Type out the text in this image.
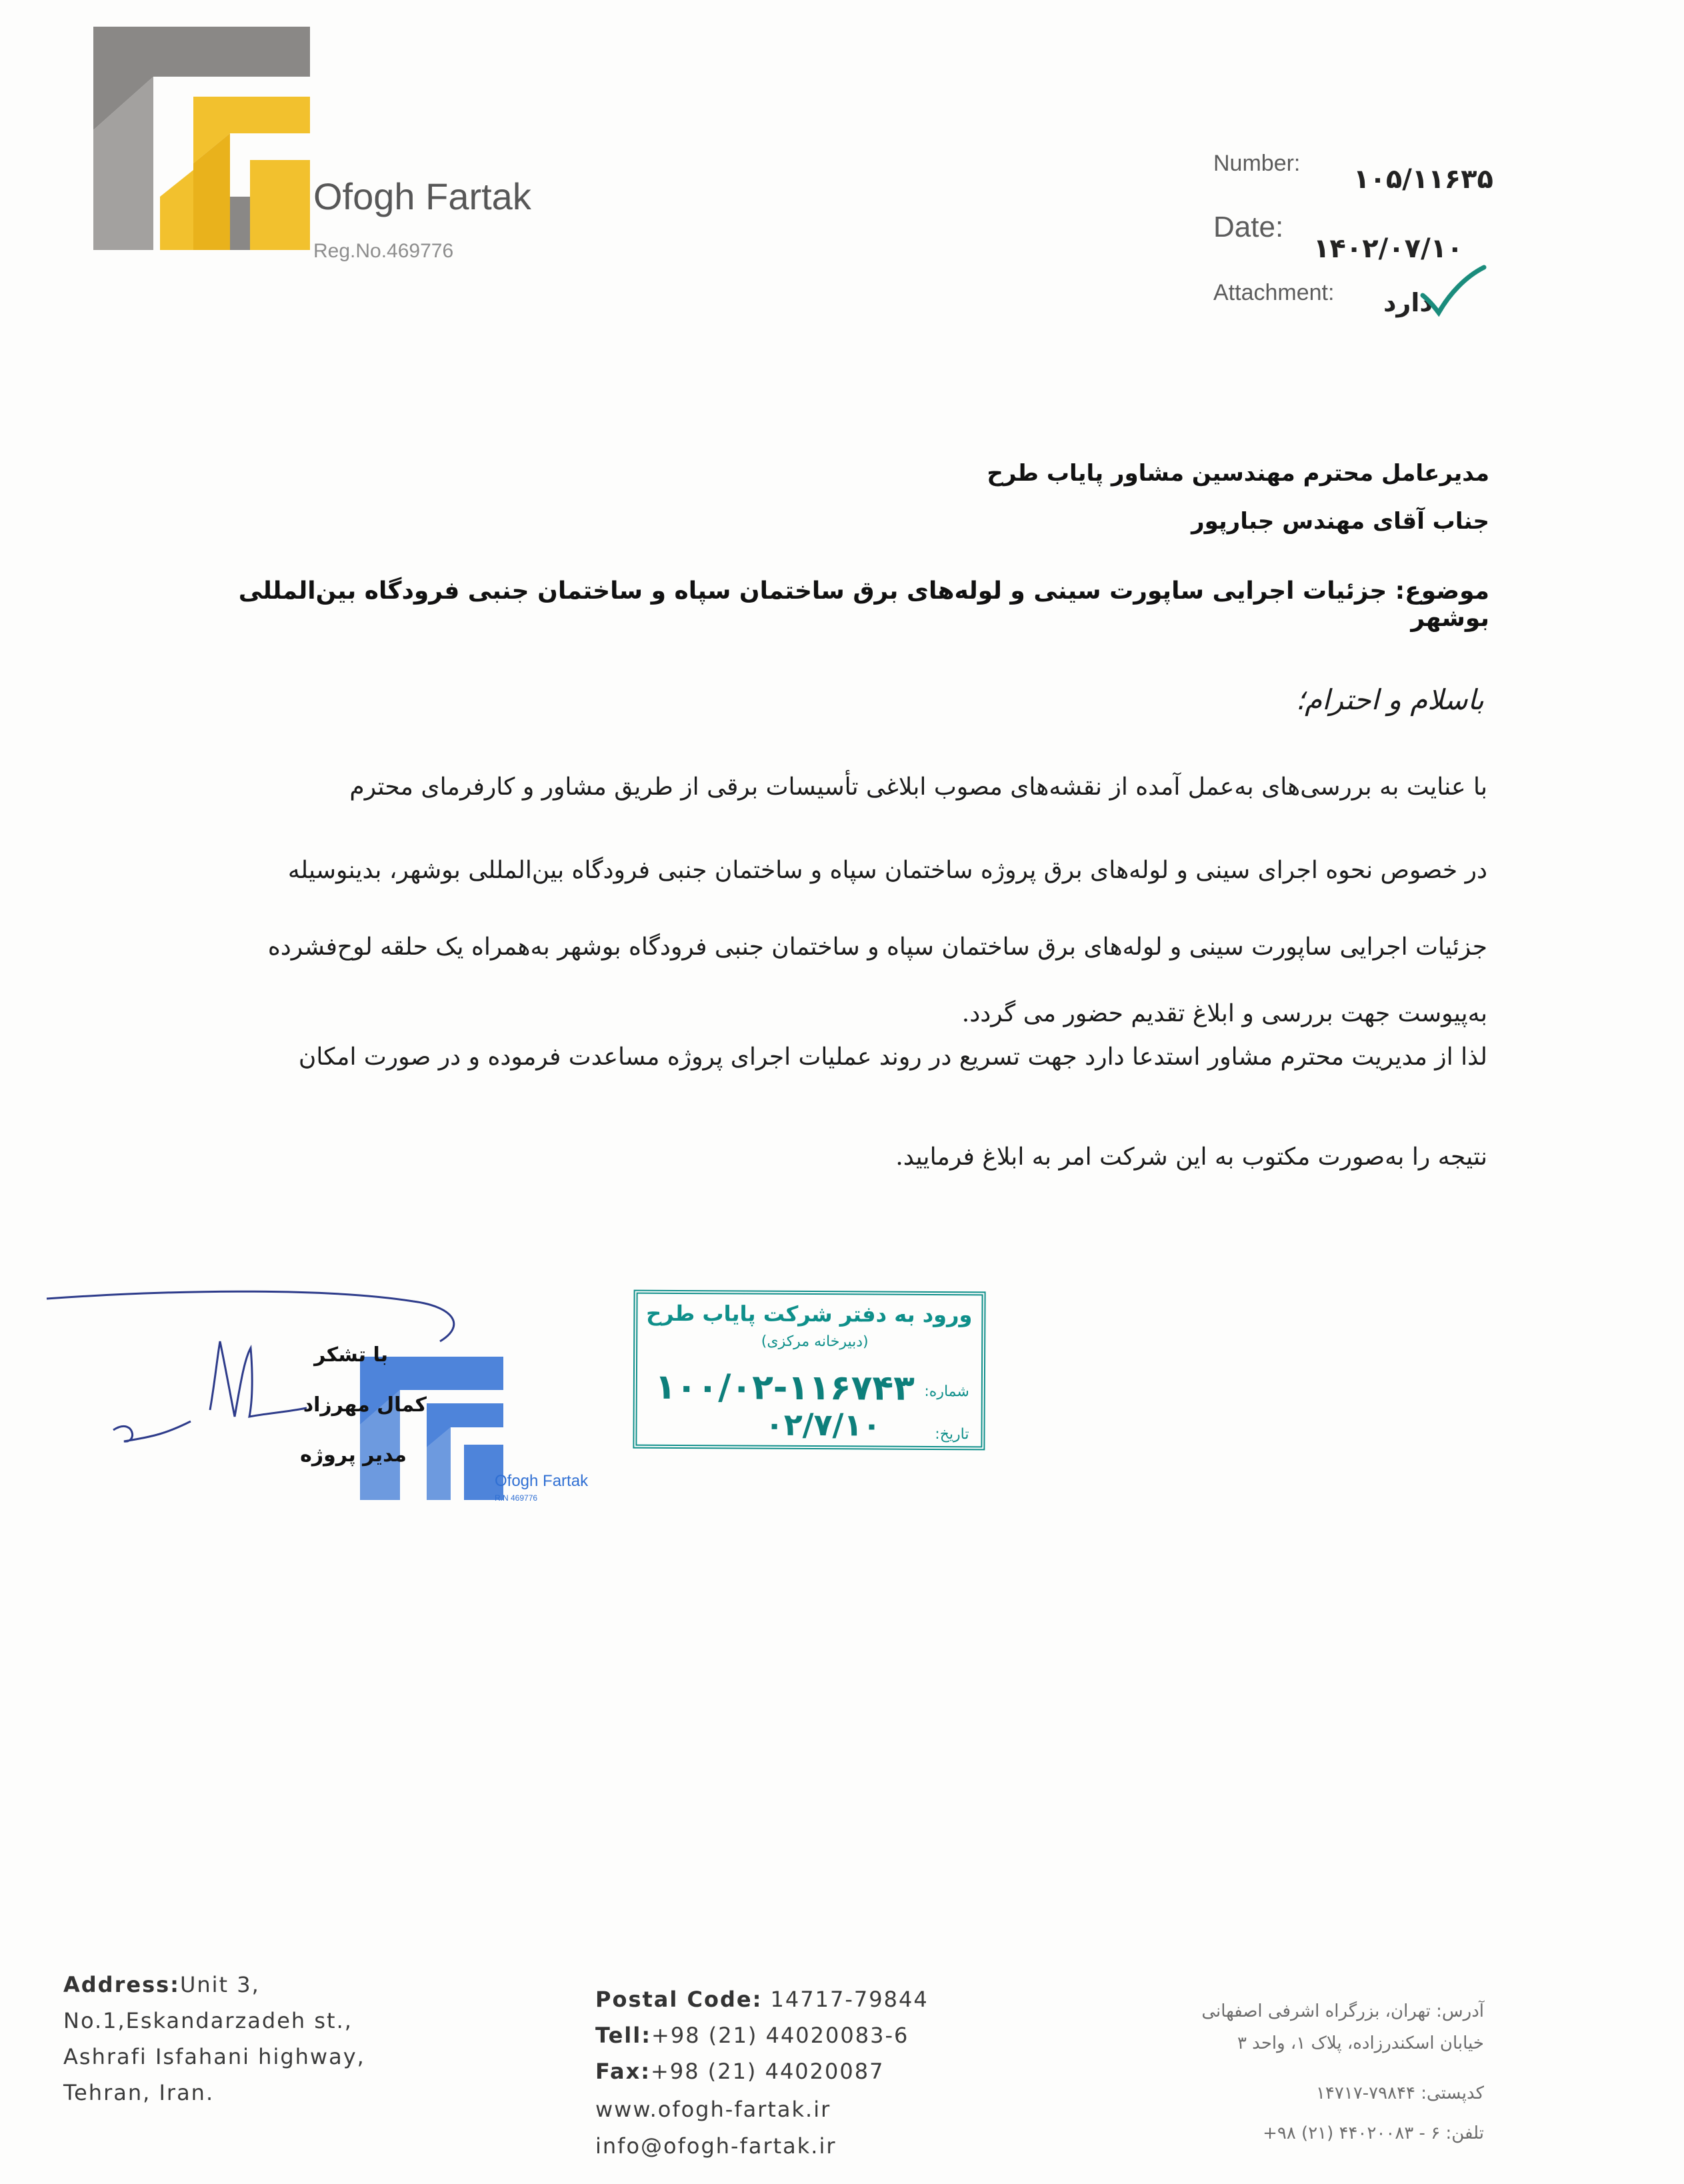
Ofogh Fartak
Reg.No.469776
Number:
۱۰۵/۱۱۶۳۵
Date:
۱۴۰۲/۰۷/۱۰
Attachment: دارد
مدیرعامل محترم مهندسین مشاور پایاب طرح
جناب آقای مهندس جبارپور
موضوع: جزئیات اجرایی ساپورت سینی و لوله‌های برق ساختمان سپاه و ساختمان جنبی فرودگاه بین‌المللی بوشهر
باسلام و احترام؛
با عنایت به بررسی‌های به‌عمل آمده از نقشه‌های مصوب ابلاغی تأسیسات برقی از طریق مشاور و کارفرمای محترم
در خصوص نحوه اجرای سینی و لوله‌های برق پروژه ساختمان سپاه و ساختمان جنبی فرودگاه بین‌المللی بوشهر، بدینوسیله
جزئیات اجرایی ساپورت سینی و لوله‌های برق ساختمان سپاه و ساختمان جنبی فرودگاه بوشهر به‌همراه یک حلقه لوح‌فشرده
به‌پیوست جهت بررسی و ابلاغ تقدیم حضور می گردد.
لذا از مدیریت محترم مشاور استدعا دارد جهت تسریع در روند عملیات اجرای پروژه مساعدت فرموده و در صورت امکان
نتیجه را به‌صورت مکتوب به این شرکت امر به ابلاغ فرمایید.
Ofogh Fartak
R.N 469776
با تشکر
کمال مهرزاد
مدیر پروژه
ورود به دفتر شرکت پایاب طرح
(دبیرخانه مرکزی)
شماره:
۱۰۰/۰۲-۱۱۶۷۴۳
تاریخ:
۰۲/۷/۱۰
Address:Unit 3,
No.1,Eskandarzadeh st.,
Ashrafi Isfahani highway,
Tehran, Iran.
Postal Code: 14717-79844
Tell:+98 (21) 44020083-6
Fax:+98 (21) 44020087
www.ofogh-fartak.ir
info@ofogh-fartak.ir
آدرس: تهران، بزرگراه اشرفی اصفهانی
خیابان اسکندرزاده، پلاک ۱، واحد ۳
کدپستی: ۷۹۸۴۴-۱۴۷۱۷
تلفن: ۶ - ۴۴۰۲۰۰۸۳ (۲۱) ۹۸+
